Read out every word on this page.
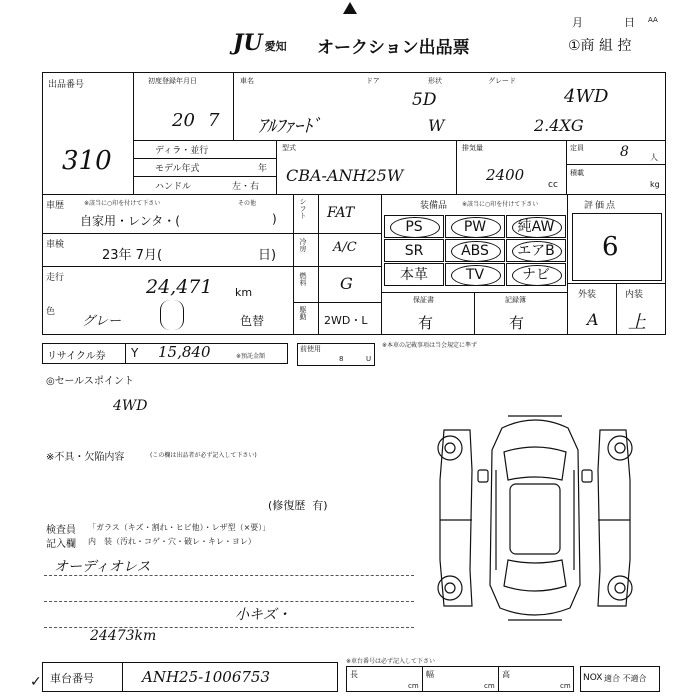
JU 愛知 オークション出品票
月	日 AA
①商 組 控
出品番号
310
初度登録年月日
20 7
車名
ｱﾙﾌｧｰﾄﾞ
ドア
5D
形状
W
グレード
4WD
2.4XG
ディラ・並行
モデル年式	年
ハンドル	左・右
型式
CBA-ANH25W
排気量
2400
cc
定員	8	人
積載
kg
車歴	※該当に○印を付けて下さい	その他
自家用・レンタ・(	)
車検
23年 7月(	日)
走行	24,471 km
色
グレー	色替
シフト FAT
冷房 A/C
燃料 G
駆動
2WD・L
装備品 ※該当に○印を付けて下さい
PS	PW	純AW
SR	ABS	エアB
本革	TV	ナビ
保証書
有
記録簿
有
評価点
6
外装
A
内装
上
リサイクル券 Y 15,840	※預託金額
前使用
8	U
※本車の記載事項は当会規定に準ず
◎セールスポイント
4WD
※不具・欠陥内容	(この欄は出品者が必ず記入して下さい)
(修復歴 有)
検査員
記入欄
「ガラス（キズ・割れ・ヒビ他）・レザ型（×要）」
内　装（汚れ・コゲ・穴・破レ・キレ・ヨレ）
オーディオレス
小キズ・
24473km
車台番号	ANH25-1006753
✓
※車台番号は必ず記入して下さい
長	幅	高
cm	cm	cm
NOX 適合 不適合
